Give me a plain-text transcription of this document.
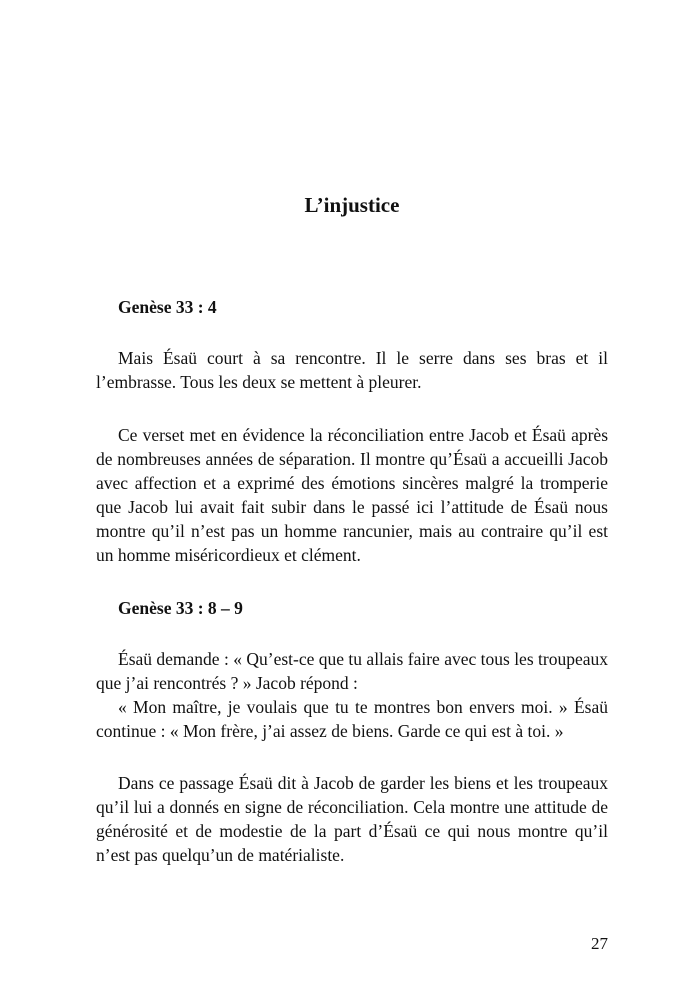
L’injustice

Genèse 33 : 4

Mais Ésaü court à sa rencontre. Il le serre dans ses bras et il l’embrasse. Tous les deux se mettent à pleurer.

Ce verset met en évidence la réconciliation entre Jacob et Ésaü après de nombreuses années de séparation. Il montre qu’Ésaü a accueilli Jacob avec affection et a exprimé des émotions sincères malgré la tromperie que Jacob lui avait fait subir dans le passé ici l’attitude de Ésaü nous montre qu’il n’est pas un homme rancunier, mais au contraire qu’il est un homme miséricordieux et clément.

Genèse 33 : 8 – 9

Ésaü demande : « Qu’est-ce que tu allais faire avec tous les troupeaux que j’ai rencontrés ? » Jacob répond :

« Mon maître, je voulais que tu te montres bon envers moi. » Ésaü continue : « Mon frère, j’ai assez de biens. Garde ce qui est à toi. »

Dans ce passage Ésaü dit à Jacob de garder les biens et les troupeaux qu’il lui a donnés en signe de réconciliation. Cela montre une attitude de générosité et de modestie de la part d’Ésaü ce qui nous montre qu’il n’est pas quelqu’un de matérialiste.

27
